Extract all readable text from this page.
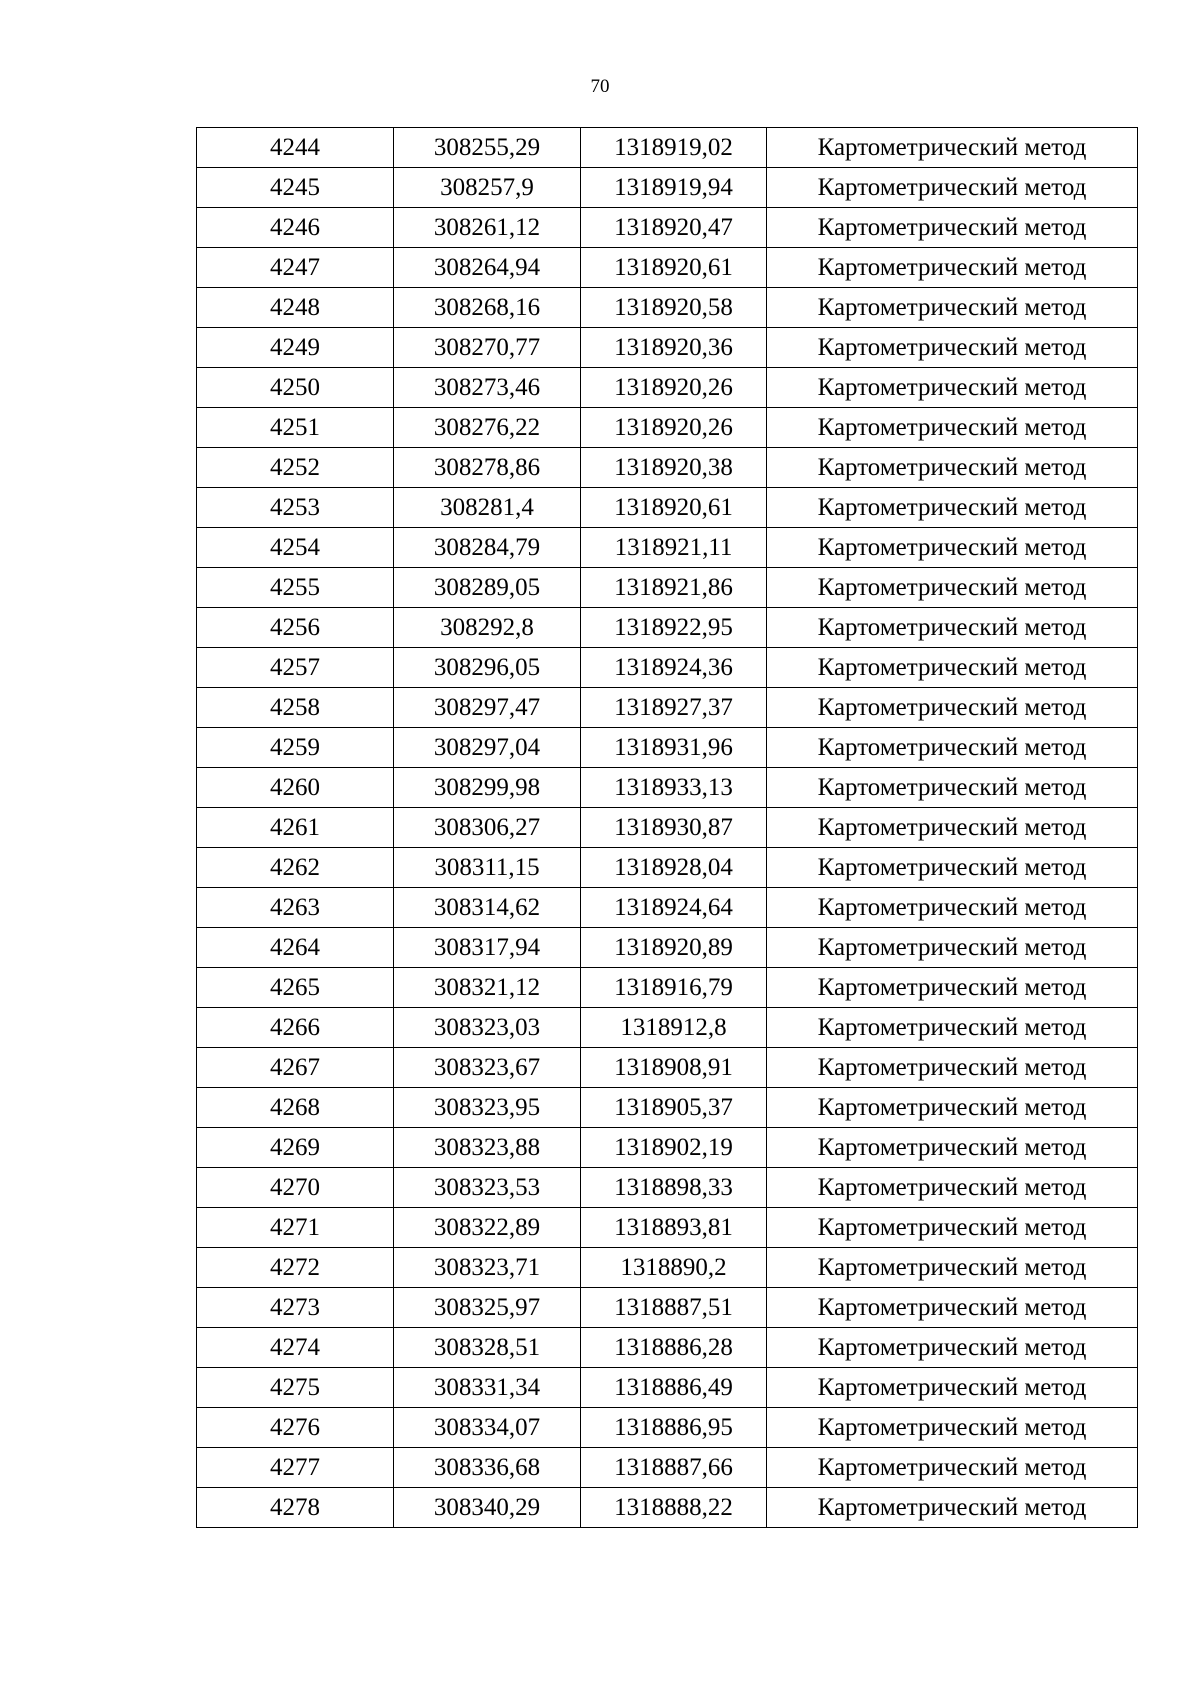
70
4244	308255,29	1318919,02	Картометрический метод
4245	308257,9	1318919,94	Картометрический метод
4246	308261,12	1318920,47	Картометрический метод
4247	308264,94	1318920,61	Картометрический метод
4248	308268,16	1318920,58	Картометрический метод
4249	308270,77	1318920,36	Картометрический метод
4250	308273,46	1318920,26	Картометрический метод
4251	308276,22	1318920,26	Картометрический метод
4252	308278,86	1318920,38	Картометрический метод
4253	308281,4	1318920,61	Картометрический метод
4254	308284,79	1318921,11	Картометрический метод
4255	308289,05	1318921,86	Картометрический метод
4256	308292,8	1318922,95	Картометрический метод
4257	308296,05	1318924,36	Картометрический метод
4258	308297,47	1318927,37	Картометрический метод
4259	308297,04	1318931,96	Картометрический метод
4260	308299,98	1318933,13	Картометрический метод
4261	308306,27	1318930,87	Картометрический метод
4262	308311,15	1318928,04	Картометрический метод
4263	308314,62	1318924,64	Картометрический метод
4264	308317,94	1318920,89	Картометрический метод
4265	308321,12	1318916,79	Картометрический метод
4266	308323,03	1318912,8	Картометрический метод
4267	308323,67	1318908,91	Картометрический метод
4268	308323,95	1318905,37	Картометрический метод
4269	308323,88	1318902,19	Картометрический метод
4270	308323,53	1318898,33	Картометрический метод
4271	308322,89	1318893,81	Картометрический метод
4272	308323,71	1318890,2	Картометрический метод
4273	308325,97	1318887,51	Картометрический метод
4274	308328,51	1318886,28	Картометрический метод
4275	308331,34	1318886,49	Картометрический метод
4276	308334,07	1318886,95	Картометрический метод
4277	308336,68	1318887,66	Картометрический метод
4278	308340,29	1318888,22	Картометрический метод
